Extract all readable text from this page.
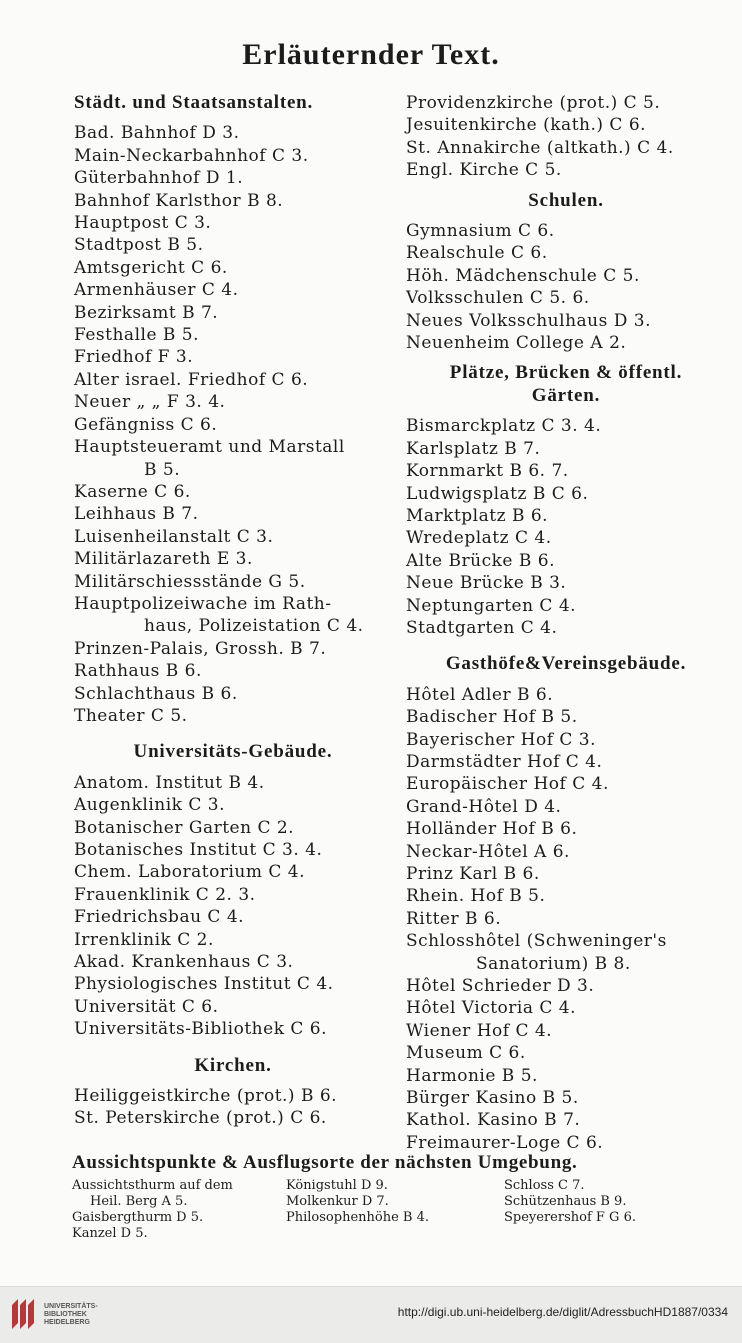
Erläuternder Text.
Städt. und Staatsanstalten.
Bad. Bahnhof D 3.
Main-Neckarbahnhof C 3.
Güterbahnhof D 1.
Bahnhof Karlsthor B 8.
Hauptpost C 3.
Stadtpost B 5.
Amtsgericht C 6.
Armenhäuser C 4.
Bezirksamt B 7.
Festhalle B 5.
Friedhof F 3.
Alter israel. Friedhof C 6.
Neuer „ „ F 3. 4.
Gefängniss C 6.
Hauptsteueramt und Marstall
B 5.
Kaserne C 6.
Leihhaus B 7.
Luisenheilanstalt C 3.
Militärlazareth E 3.
Militärschiessstände G 5.
Hauptpolizeiwache im Rath-
haus, Polizeistation C 4.
Prinzen-Palais, Grossh. B 7.
Rathhaus B 6.
Schlachthaus B 6.
Theater C 5.
Universitäts-Gebäude.
Anatom. Institut B 4.
Augenklinik C 3.
Botanischer Garten C 2.
Botanisches Institut C 3. 4.
Chem. Laboratorium C 4.
Frauenklinik C 2. 3.
Friedrichsbau C 4.
Irrenklinik C 2.
Akad. Krankenhaus C 3.
Physiologisches Institut C 4.
Universität C 6.
Universitäts-Bibliothek C 6.
Kirchen.
Heiliggeistkirche (prot.) B 6.
St. Peterskirche (prot.) C 6.
Providenzkirche (prot.) C 5.
Jesuitenkirche (kath.) C 6.
St. Annakirche (altkath.) C 4.
Engl. Kirche C 5.
Schulen.
Gymnasium C 6.
Realschule C 6.
Höh. Mädchenschule C 5.
Volksschulen C 5. 6.
Neues Volksschulhaus D 3.
Neuenheim College A 2.
Plätze, Brücken & öffentl.
Gärten.
Bismarckplatz C 3. 4.
Karlsplatz B 7.
Kornmarkt B 6. 7.
Ludwigsplatz B C 6.
Marktplatz B 6.
Wredeplatz C 4.
Alte Brücke B 6.
Neue Brücke B 3.
Neptungarten C 4.
Stadtgarten C 4.
Gasthöfe&Vereinsgebäude.
Hôtel Adler B 6.
Badischer Hof B 5.
Bayerischer Hof C 3.
Darmstädter Hof C 4.
Europäischer Hof C 4.
Grand-Hôtel D 4.
Holländer Hof B 6.
Neckar-Hôtel A 6.
Prinz Karl B 6.
Rhein. Hof B 5.
Ritter B 6.
Schlosshôtel (Schweninger's
Sanatorium) B 8.
Hôtel Schrieder D 3.
Hôtel Victoria C 4.
Wiener Hof C 4.
Museum C 6.
Harmonie B 5.
Bürger Kasino B 5.
Kathol. Kasino B 7.
Freimaurer-Loge C 6.
Aussichtspunkte & Ausflugsorte der nächsten Umgebung.
Aussichtsthurm auf dem
Heil. Berg A 5.
Gaisbergthurm D 5.
Kanzel D 5.
Königstuhl D 9.
Molkenkur D 7.
Philosophenhöhe B 4.
Schloss C 7.
Schützenhaus B 9.
Speyerershof F G 6.
UNIVERSITÄTS-
BIBLIOTHEK
HEIDELBERG
http://digi.ub.uni-heidelberg.de/diglit/AdressbuchHD1887/0334
